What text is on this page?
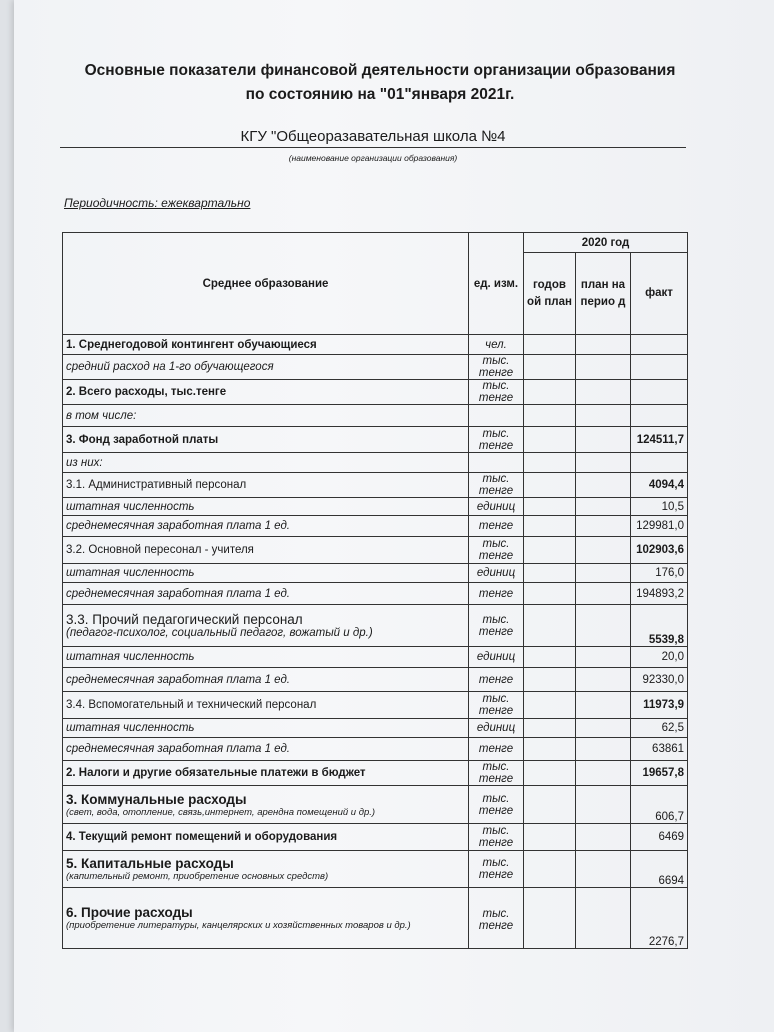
Основные показатели финансовой деятельности организации образования
по состоянию на "01"января 2021г.
КГУ "Общеоразавательная школа №4
(наименование организации образования)
Периодичность: ежеквартально
Среднее образование	ед. изм.	2020 год		
		годов ой план	план на перио д	факт
1. Среднегодовой контингент обучающиеся	чел.			
средний расход на 1-го обучающегося	тыс. тенге			
2. Всего расходы, тыс.тенге	тыс. тенге			
в том числе:				
3. Фонд заработной платы	тыс. тенге			124511,7
из них:				
3.1. Административный персонал	тыс. тенге			4094,4
штатная численность	единиц			10,5
среднемесячная заработная плата 1 ед.	тенге			129981,0
3.2. Основной пересонал - учителя	тыс. тенге			102903,6
штатная численность	единиц			176,0
среднемесячная заработная плата 1 ед.	тенге			194893,2

3.3. Прочий педагогический персонал
(педагог-психолог, социальный педагог, вожатый и др.)	тыс. тенге			5539,8
штатная численность	единиц			20,0
среднемесячная заработная плата 1 ед.	тенге			92330,0
3.4. Вспомогательный и технический персонал	тыс. тенге			11973,9
штатная численность	единиц			62,5
среднемесячная заработная плата 1 ед.	тенге			63861
2. Налоги и другие обязательные платежи в бюджет	тыс. тенге			19657,8

3. Коммунальные расходы
(свет, вода, отопление, связь,интернет, арендна помещений и др.)	тыс. тенге			606,7
4. Текущий ремонт помещений и оборудования	тыс. тенге			6469

5. Капитальные расходы
(капительный ремонт, приобретение основных средств)	тыс. тенге			6694

6. Прочие расходы
(приобретение литературы, канцелярских и хозяйственных товаров и др.)	тыс. тенге			2276,7
